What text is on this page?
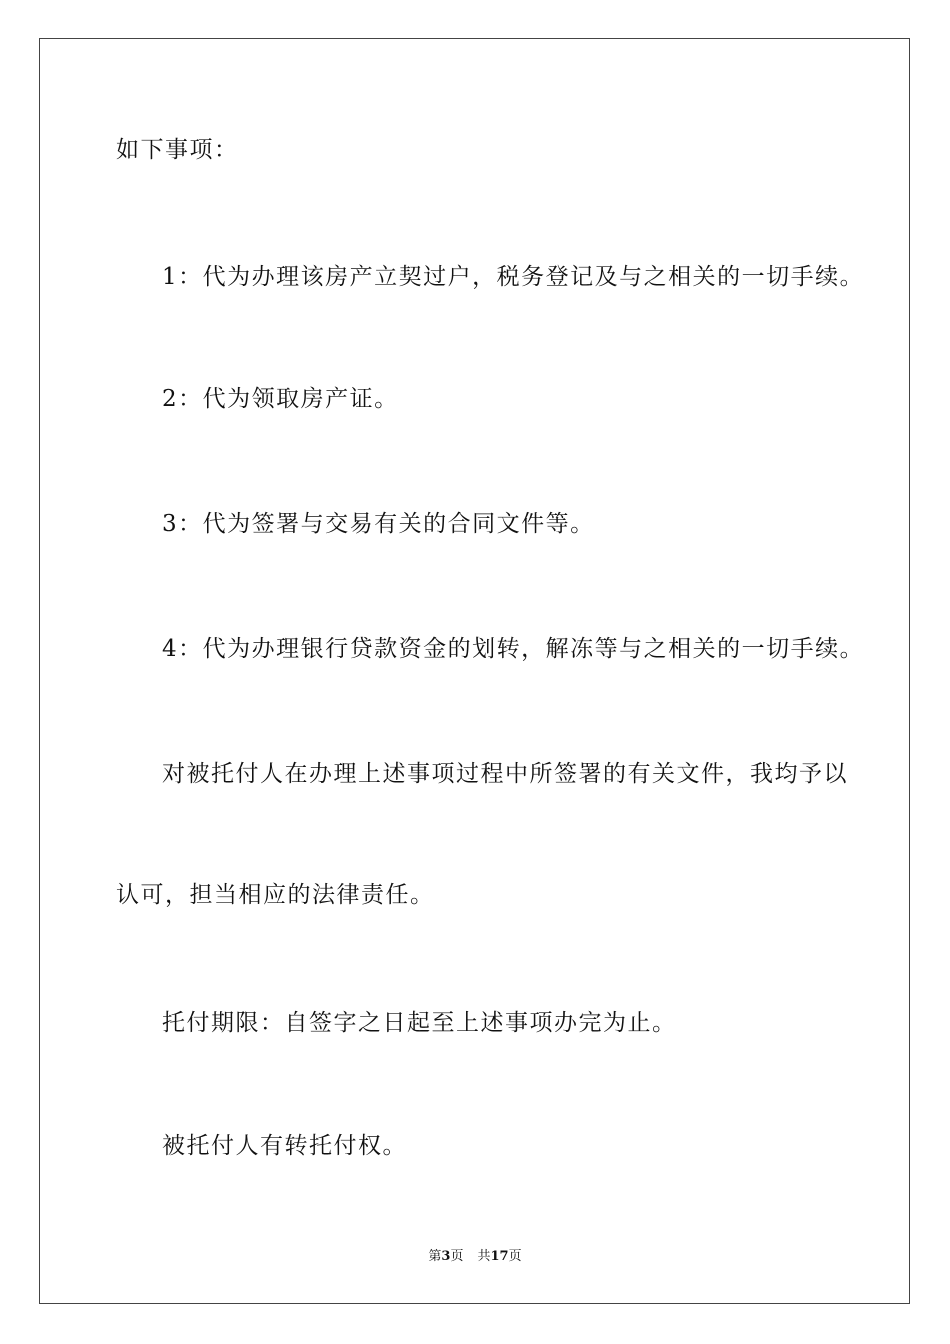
如下事项：
1：代为办理该房产立契过户，税务登记及与之相关的一切手续。
2：代为领取房产证。
3：代为签署与交易有关的合同文件等。
4：代为办理银行贷款资金的划转，解冻等与之相关的一切手续。
对被托付人在办理上述事项过程中所签署的有关文件，我均予以
认可，担当相应的法律责任。
托付期限：自签字之日起至上述事项办完为止。
被托付人有转托付权。
第3页 共17页
